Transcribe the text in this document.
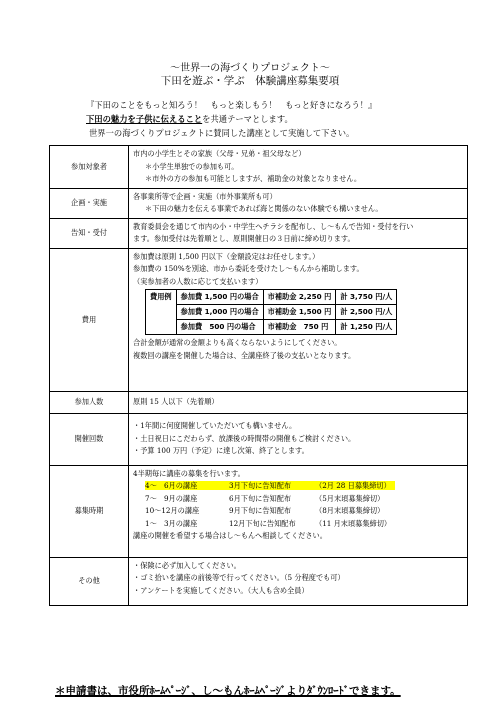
～世界一の海づくりプロジェクト～
下田を遊ぶ・学ぶ　体験講座募集要項
『下田のことをもっと知ろう！　もっと楽しもう！　もっと好きになろう！』
下田の魅力を子供に伝えることを共通テーマとします。
世界一の海づくりプロジェクトに賛同した講座として実施して下さい。
参加対象者	
市内の小学生とその家族（父母・兄弟・祖父母など）
＊小学生単独での参加も可。
＊市外の方の参加も可能としますが、補助金の対象となりません。

企画・実施	
各事業所等で企画・実施（市外事業所も可）
＊下田の魅力を伝える事業であれば海と関係のない体験でも構いません。

告知・受付	
教育委員会を通じて市内の小・中学生へチラシを配布し、し～もんで告知・受付を行い
ます。参加受付は先着順とし、原則開催日の３日前に締め切ります。

費用	
参加費は原則 1,500 円以下（金額設定はお任せします。）
参加費の 150%を別途、市から委託を受けたし～もんから補助します。
（実参加者の人数に応じて支払います）
費用例	参加費 1,500 円の場合	市補助金 2,250 円	計 3,750 円/人
参加費 1,000 円の場合	市補助金 1,500 円	計 2,500 円/人
参加費　500 円の場合	市補助金　750 円	計 1,250 円/人
合計金額が通常の金額よりも高くならないようにしてください。
複数回の講座を開催した場合は、全講座終了後の支払いとなります。

参加人数	原則 15 人以下（先着順）

開催回数	
・1年間に何度開催していただいても構いません。
・土日祝日にこだわらず、放課後の時間帯の開催もご検討ください。
・予算 100 万円（予定）に達し次第、終了とします。

募集時期	
4半期毎に講座の募集を行います。
4～　6月の講座	3月下旬に告知配布	（2月 28 日募集締切）
7～　9月の講座	6月下旬に告知配布	（5月末頃募集締切）
10～12月の講座	9月下旬に告知配布	（8月末頃募集締切）
1～　3月の講座	12月下旬に告知配布	（11 月末頃募集締切）
講座の開催を希望する場合はし～もんへ相談してください。

その他	
・保険に必ず加入してください。
・ゴミ拾いを講座の前後等で行ってください。（5 分程度でも可）
・アンケートを実施してください。（大人も含め全員）
＊申請書は、市役所ﾎｰﾑﾍﾟｰｼﾞ、し～もんﾎｰﾑﾍﾟｰｼﾞよりﾀﾞｳﾝﾛｰﾄﾞできます。
